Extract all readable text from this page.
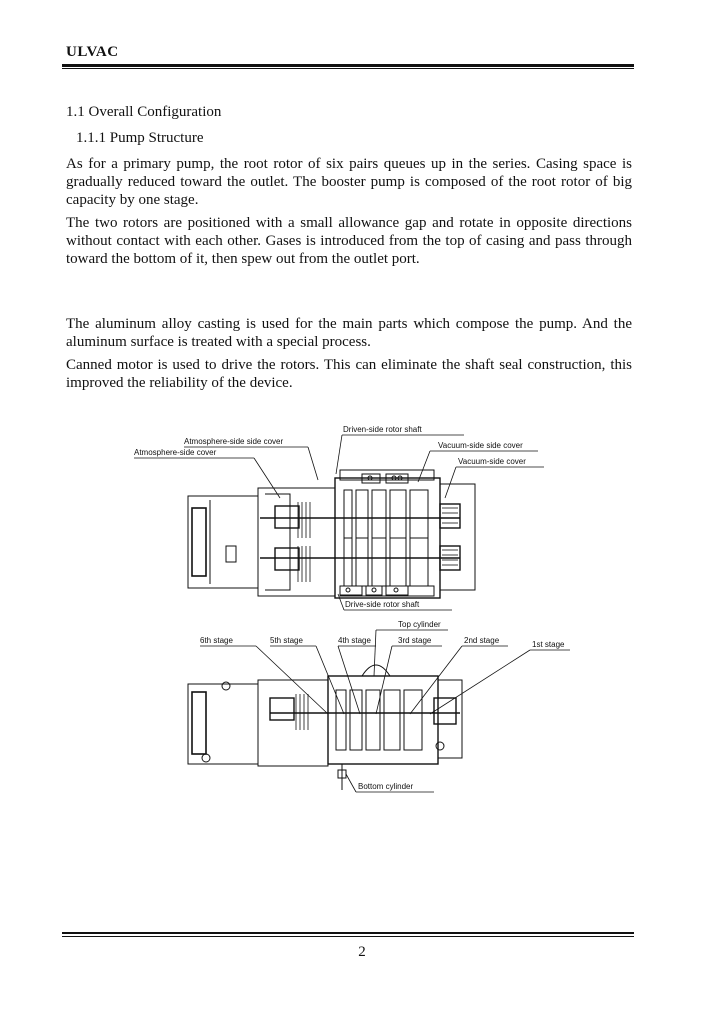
ULVAC
1.1 Overall Configuration
1.1.1 Pump Structure

As for a primary pump, the root rotor of six pairs queues up in the series. Casing space is gradually reduced toward the outlet. The booster pump is composed of the root rotor of big capacity by one stage.

The two rotors are positioned with a small allowance gap and rotate in opposite directions without contact with each other. Gases is introduced from the top of casing and pass through toward the bottom of it, then spew out from the outlet port.

The aluminum alloy casting is used for the main parts which compose the pump. And the aluminum surface is treated with a special process.

Canned motor is used to drive the rotors. This can eliminate the shaft seal construction, this improved the reliability of the device.

Driven-side rotor shaft
Atmosphere-side side cover
Atmosphere-side cover
Vacuum-side side cover
Vacuum-side cover
Drive-side rotor shaft
Top cylinder
6th stage	5th stage	4th stage	3rd stage	2nd stage	1st stage
Bottom cylinder
2
